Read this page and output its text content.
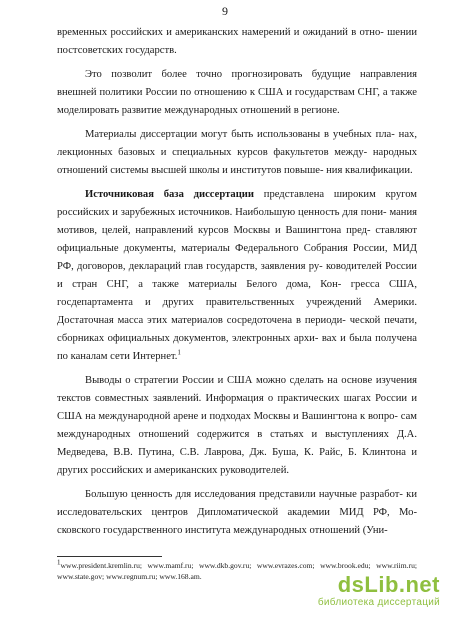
9

временных российских и американских намерений и ожиданий в отно- шении постсоветских государств.

Это позволит более точно прогнозировать будущие направления внешней политики России по отношению к США и государствам СНГ, а также моделировать развитие международных отношений в регионе.

Материалы диссертации могут быть использованы в учебных пла- нах, лекционных базовых и специальных курсов факультетов между- народных отношений системы высшей школы и институтов повыше- ния квалификации.

Источниковая база диссертации представлена широким кругом российских и зарубежных источников. Наибольшую ценность для пони- мания мотивов, целей, направлений курсов Москвы и Вашингтона пред- ставляют официальные документы, материалы Федерального Собрания России, МИД РФ, договоров, деклараций глав государств, заявления ру- ководителей России и стран СНГ, а также материалы Белого дома, Кон- гресса США, госдепартамента и других правительственных учреждений Америки. Достаточная масса этих материалов сосредоточена в периоди- ческой печати, сборниках официальных документов, электронных архи- вах и была получена по каналам сети Интернет.$^1$

Выводы о стратегии России и США можно сделать на основе изучения текстов совместных заявлений. Информация о практических шагах России и США на международной арене и подходах Москвы и Вашингтона к вопро- сам международных отношений содержится в статьях и выступлениях Д.А. Медведева, В.В. Путина, С.В. Лаврова, Дж. Буша, К. Райс, Б. Клинтона и других российских и американских руководителей.

Большую ценность для исследования представили научные разработ- ки исследовательских центров Дипломатической академии МИД РФ, Мо- сковского государственного института международных отношений (Уни-

$^1$www.president.kremlin.ru; www.mamf.ru; www.dkb.gov.ru; www.evrazes.com; www.brook.edu; www.riim.ru; www.state.gov; www.regnum.ru; www.168.am.	dsLib.net
библиотека диссертаций
